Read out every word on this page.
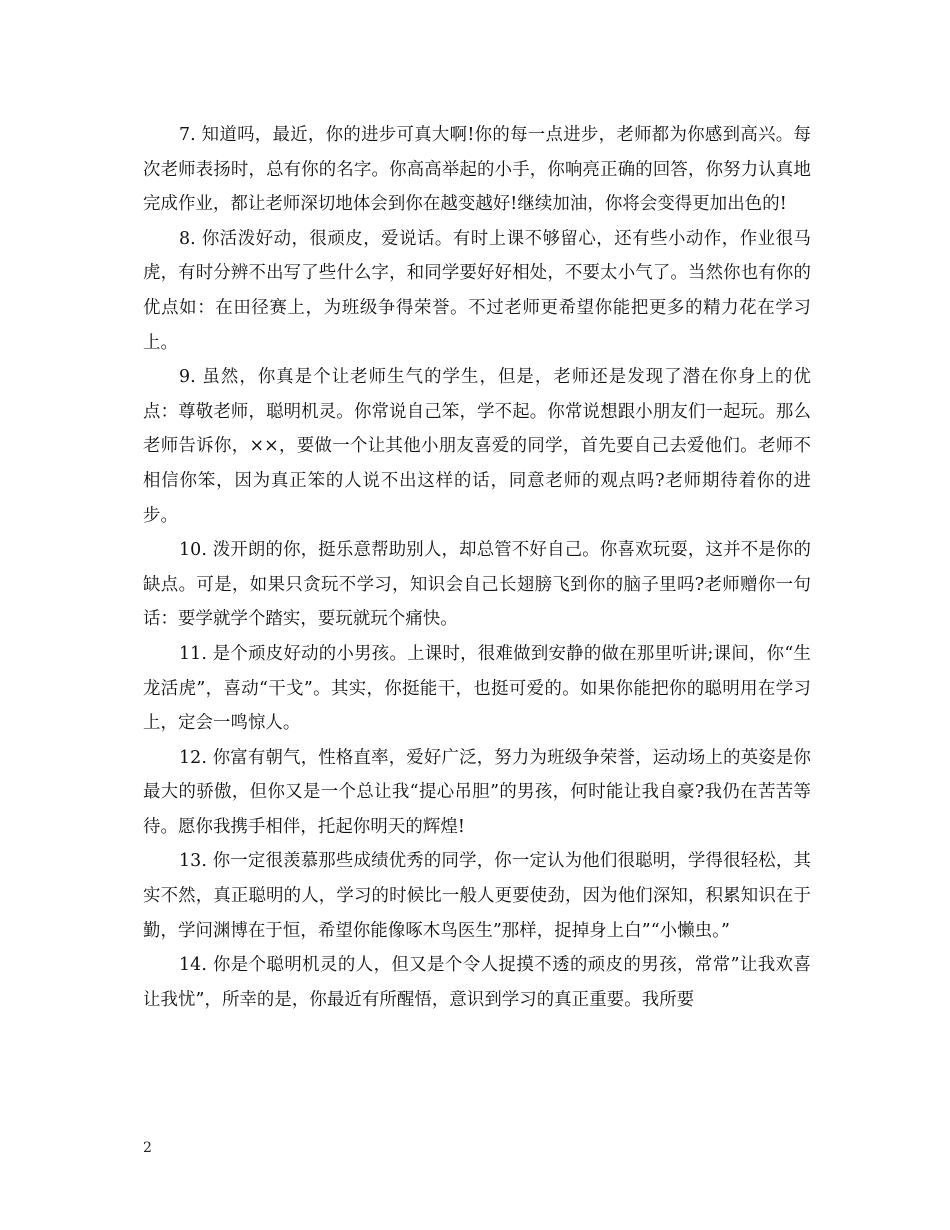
7. 知道吗，最近，你的进步可真大啊!你的每一点进步，老师都为你感到高兴。每次老师表扬时，总有你的名字。你高高举起的小手，你响亮正确的回答，你努力认真地完成作业，都让老师深切地体会到你在越变越好!继续加油，你将会变得更加出色的!

8. 你活泼好动，很顽皮，爱说话。有时上课不够留心，还有些小动作，作业很马虎，有时分辨不出写了些什么字，和同学要好好相处，不要太小气了。当然你也有你的优点如：在田径赛上，为班级争得荣誉。不过老师更希望你能把更多的精力花在学习上。

9. 虽然，你真是个让老师生气的学生，但是，老师还是发现了潜在你身上的优点：尊敬老师，聪明机灵。你常说自己笨，学不起。你常说想跟小朋友们一起玩。那么老师告诉你，××，要做一个让其他小朋友喜爱的同学，首先要自己去爱他们。老师不相信你笨，因为真正笨的人说不出这样的话，同意老师的观点吗?老师期待着你的进步。

10. 泼开朗的你，挺乐意帮助别人，却总管不好自己。你喜欢玩耍，这并不是你的缺点。可是，如果只贪玩不学习，知识会自己长翅膀飞到你的脑子里吗?老师赠你一句话：要学就学个踏实，要玩就玩个痛快。

11. 是个顽皮好动的小男孩。上课时，很难做到安静的做在那里听讲;课间，你“生龙活虎”，喜动“干戈”。其实，你挺能干，也挺可爱的。如果你能把你的聪明用在学习上，定会一鸣惊人。

12. 你富有朝气，性格直率，爱好广泛，努力为班级争荣誉，运动场上的英姿是你最大的骄傲，但你又是一个总让我“提心吊胆”的男孩，何时能让我自豪?我仍在苦苦等待。愿你我携手相伴，托起你明天的辉煌!

13. 你一定很羡慕那些成绩优秀的同学，你一定认为他们很聪明，学得很轻松，其实不然，真正聪明的人，学习的时候比一般人更要使劲，因为他们深知，积累知识在于勤，学问渊博在于恒，希望你能像啄木鸟医生”那样，捉掉身上白”“小懒虫。”

14. 你是个聪明机灵的人，但又是个令人捉摸不透的顽皮的男孩，常常”让我欢喜让我忧”，所幸的是，你最近有所醒悟，意识到学习的真正重要。我所要

2
